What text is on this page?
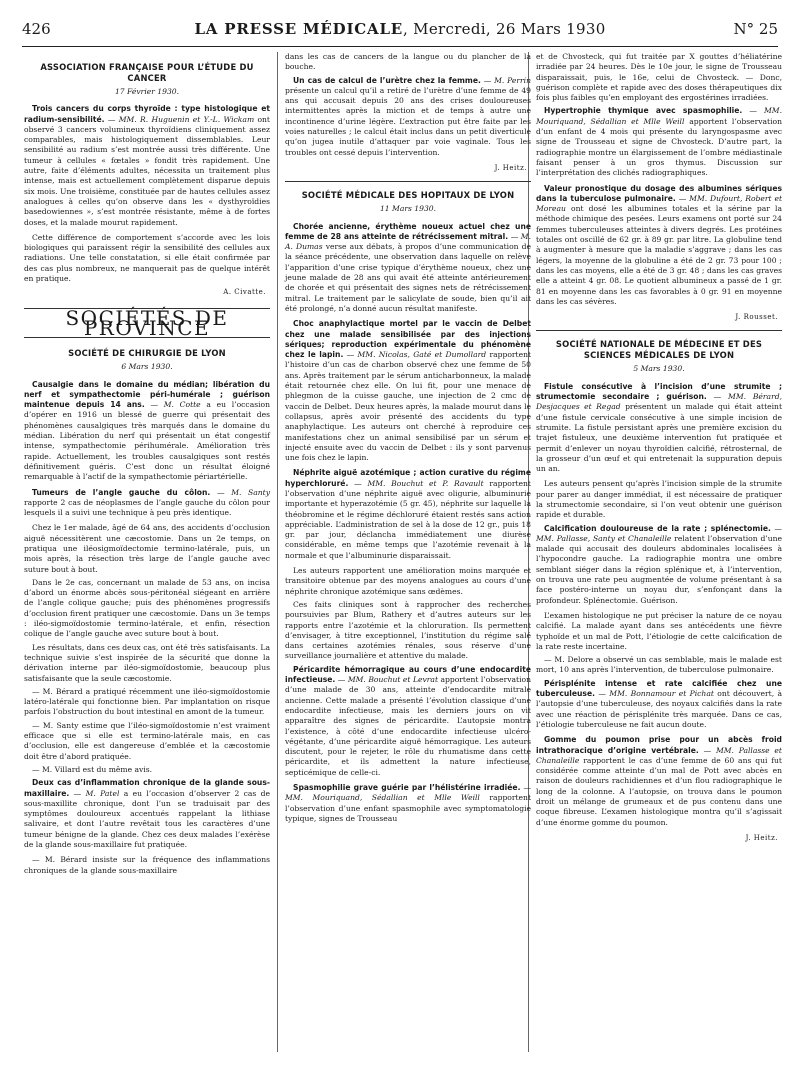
426	LA PRESSE MÉDICALE, Mercredi, 26 Mars 1930	N° 25
ASSOCIATION FRANÇAISE POUR L’ÉTUDE DU CANCER
17 Février 1930.

Trois cancers du corps thyroïde : type histologique et radium-sensibilité. — MM. R. Huguenin et Y.-L. Wickam ont observé 3 cancers volumineux thyroïdiens cliniquement assez comparables, mais histologiquement dissemblables. Leur sensibilité au radium s’est montrée aussi très différente. Une tumeur à cellules « fœtales » fondit très rapidement. Une autre, faite d’éléments adultes, nécessita un traitement plus intense, mais est actuellement complètement disparue depuis six mois. Une troisième, constituée par de hautes cellules assez analogues à celles qu’on observe dans les « dysthyroïdies basedowiennes », s’est montrée résistante, même à de fortes doses, et la malade mourut rapidement.

Cette différence de comportement s’accorde avec les lois biologiques qui paraissent régir la sensibilité des cellules aux radiations. Une telle constatation, si elle était confirmée par des cas plus nombreux, ne manquerait pas de quelque intérêt en pratique.

A. Civatte.
SOCIÉTÉS DE PROVINCE
SOCIÉTÉ DE CHIRURGIE DE LYON
6 Mars 1930.

Causalgie dans le domaine du médian; libération du nerf et sympathectomie péri-humérale ; guérison maintenue depuis 14 ans. — M. Cotte a eu l’occasion d’opérer en 1916 un blessé de guerre qui présentait des phénomènes causalgiques très marqués dans le domaine du médian. Libération du nerf qui présentait un état congestif intense, sympathectomie périhumérale. Amélioration très rapide. Actuellement, les troubles causalgiques sont restés définitivement guéris. C’est donc un résultat éloigné remarquable à l’actif de la sympathectomie périartérielle.

Tumeurs de l’angle gauche du côlon. — M. Santy rapporte 2 cas de néoplasmes de l’angle gauche du côlon pour lesquels il a suivi une technique à peu près identique.

Chez le 1er malade, âgé de 64 ans, des accidents d’occlusion aiguë nécessitèrent une cæcostomie. Dans un 2e temps, on pratiqua une iléosigmoïdectomie termino-latérale, puis, un mois après, la résection très large de l’angle gauche avec suture bout à bout.

Dans le 2e cas, concernant un malade de 53 ans, on incisa d’abord un énorme abcès sous-péritonéal siégeant en arrière de l’angle colique gauche; puis des phénomènes progressifs d’occlusion firent pratiquer une cæcostomie. Dans un 3e temps : iléo-sigmoïdostomie termino-latérale, et enfin, résection colique de l’angle gauche avec suture bout à bout.

Les résultats, dans ces deux cas, ont été très satisfaisants. La technique suivie s’est inspirée de la sécurité que donne la dérivation interne par iléo-sigmoïdostomie, beaucoup plus satisfaisante que la seule cæcostomie.

— M. Bérard a pratiqué récemment une iléo-sigmoïdostomie latéro-latérale qui fonctionne bien. Par implantation on risque parfois l’obstruction du bout intestinal en amont de la tumeur.

— M. Santy estime que l’iléo-sigmoïdostomie n’est vraiment efficace que si elle est termino-latérale mais, en cas d’occlusion, elle est dangereuse d’emblée et la cæcostomie doit être d’abord pratiquée.

— M. Villard est du même avis.

Deux cas d’inflammation chronique de la glande sous-maxillaire. — M. Patel a eu l’occasion d’observer 2 cas de sous-maxillite chronique, dont l’un se traduisait par des symptômes douloureux accentués rappelant la lithiase salivaire, et dont l’autre revêtait tous les caractères d’une tumeur bénigne de la glande. Chez ces deux malades l’exérèse de la glande sous-maxillaire fut pratiquée.

— M. Bérard insiste sur la fréquence des inflammations chroniques de la glande sous-maxillaire

dans les cas de cancers de la langue ou du plancher de la bouche.

Un cas de calcul de l’urètre chez la femme. — M. Perrin présente un calcul qu’il a retiré de l’urètre d’une femme de 49 ans qui accusait depuis 20 ans des crises douloureuses intermittentes après la miction et de temps à autre une incontinence d’urine légère. L’extraction put être faite par les voies naturelles ; le calcul était inclus dans un petit diverticule qu’on jugea inutile d’attaquer par voie vaginale. Tous les troubles ont cessé depuis l’intervention.

J. Heitz.
SOCIÉTÉ MÉDICALE DES HOPITAUX DE LYON
11 Mars 1930.

Chorée ancienne, érythème noueux actuel chez une femme de 28 ans atteinte de rétrécissement mitral. — M. A. Dumas verse aux débats, à propos d’une communication de la séance précédente, une observation dans laquelle on relève l’apparition d’une crise typique d’érythème noueux, chez une jeune malade de 28 ans qui avait été atteinte antérieurement de chorée et qui présentait des signes nets de rétrécissement mitral. Le traitement par le salicylate de soude, bien qu’il ait été prolongé, n’a donné aucun résultat manifeste.

Choc anaphylactique mortel par le vaccin de Delbet chez une malade sensibilisée par des injections sériques; reproduction expérimentale du phénomène chez le lapin. — MM. Nicolas, Gaté et Dumollard rapportent l’histoire d’un cas de charbon observé chez une femme de 50 ans. Après traitement par le sérum anticharbonneux, la malade était retournée chez elle. On lui fit, pour une menace de phlegmon de la cuisse gauche, une injection de 2 cmc de vaccin de Delbet. Deux heures après, la malade mourut dans le collapsus, après avoir présenté des accidents du type anaphylactique. Les auteurs ont cherché à reproduire ces manifestations chez un animal sensibilisé par un sérum et injecté ensuite avec du vaccin de Delbet : ils y sont parvenus une fois chez le lapin.

Néphrite aiguë azotémique ; action curative du régime hyperchloruré. — MM. Bouchut et P. Ravault rapportent l’observation d’une néphrite aiguë avec oligurie, albuminurie importante et hyperazotémie (5 gr. 45), néphrite sur laquelle la théobromine et le régime déchloruré étaient restés sans action appréciable. L’administration de sel à la dose de 12 gr., puis 18 gr. par jour, déclancha immédiatement une diurèse considérable, en même temps que l’azotémie revenait à la normale et que l’albuminurie disparaissait.

Les auteurs rapportent une amélioration moins marquée et transitoire obtenue par des moyens analogues au cours d’une néphrite chronique azotémique sans œdèmes.

Ces faits cliniques sont à rapprocher des recherches poursuivies par Blum, Rathery et d’autres auteurs sur les rapports entre l’azotémie et la chloruration. Ils permettent d’envisager, à titre exceptionnel, l’institution du régime salé dans certaines azotémies rénales, sous réserve d’une surveillance journalière et attentive du malade.

Péricardite hémorragique au cours d’une endocardite infectieuse. — MM. Bouchut et Levrat apportent l’observation d’une malade de 30 ans, atteinte d’endocardite mitrale ancienne. Cette malade a présenté l’évolution classique d’une endocardite infectieuse, mais les derniers jours on vit apparaître des signes de péricardite. L’autopsie montra l’existence, à côté d’une endocardite infectieuse ulcéro-végétante, d’une péricardite aiguë hémorragique. Les auteurs discutent, pour le rejeter, le rôle du rhumatisme dans cette péricardite, et ils admettent la nature infectieuse, septicémique de celle-ci.

Spasmophilie grave guérie par l’hélistérine irradiée. — MM. Mouriquand, Sédallian et Mlle Weill rapportent l’observation d’une enfant spasmophile avec symptomatologie typique, signes de Trousseau

et de Chvosteck, qui fut traitée par X gouttes d’héliatérine irradiée par 24 heures. Dès le 10e jour, le signe de Trousseau disparaissait, puis, le 16e, celui de Chvosteck. — Donc, guérison complète et rapide avec des doses thérapeutiques dix fois plus faibles qu’en employant des ergostérines irradiées.

Hypertrophie thymique avec spasmophilie. — MM. Mouriquand, Sédallian et Mlle Weill apportent l’observation d’un enfant de 4 mois qui présente du laryngospasme avec signe de Trousseau et signe de Chvosteck. D’autre part, la radiographie montre un élargissement de l’ombre médiastinale faisant penser à un gros thymus. Discussion sur l’interprétation des clichés radiographiques.

Valeur pronostique du dosage des albumines sériques dans la tuberculose pulmonaire. — MM. Dufourt, Robert et Moreau ont dosé les albumines totales et la sérine par la méthode chimique des pesées. Leurs examens ont porté sur 24 femmes tuberculeuses atteintes à divers degrés. Les protéines totales ont oscillé de 62 gr. à 89 gr. par litre. La globuline tend à augmenter à mesure que la maladie s’aggrave ; dans les cas légers, la moyenne de la globuline a été de 2 gr. 73 pour 100 ; dans les cas moyens, elle a été de 3 gr. 48 ; dans les cas graves elle a atteint 4 gr. 08. Le quotient albumineux a passé de 1 gr. 81 en moyenne dans les cas favorables à 0 gr. 91 en moyenne dans les cas sévères.

J. Rousset.
SOCIÉTÉ NATIONALE DE MÉDECINE ET DES SCIENCES MÉDICALES DE LYON
5 Mars 1930.

Fistule consécutive à l’incision d’une strumite ; strumectomie secondaire ; guérison. — MM. Bérard, Desjacques et Regad présentent un malade qui était atteint d’une fistule cervicale consécutive à une simple incision de strumite. La fistule persistant après une première excision du trajet fistuleux, une deuxième intervention fut pratiquée et permit d’enlever un noyau thyroïdien calcifié, rétrosternal, de la grosseur d’un œuf et qui entretenait la suppuration depuis un an.

Les auteurs pensent qu’après l’incision simple de la strumite pour parer au danger immédiat, il est nécessaire de pratiquer la strumectomie secondaire, si l’on veut obtenir une guérison rapide et durable.

Calcification douloureuse de la rate ; splénectomie. — MM. Pallasse, Santy et Chanaleille relatent l’observation d’une malade qui accusait des douleurs abdominales localisées à l’hypocondre gauche. La radiographie montra une ombre semblant siéger dans la région splénique et, à l’intervention, on trouva une rate peu augmentée de volume présentant à sa face postéro-interne un noyau dur, s’enfonçant dans la profondeur. Splénectomie. Guérison.

L’examen histologique ne put préciser la nature de ce noyau calcifié. La malade ayant dans ses antécédents une fièvre typhoïde et un mal de Pott, l’étiologie de cette calcification de la rate reste incertaine.

— M. Delore a observé un cas semblable, mais le malade est mort, 10 ans après l’intervention, de tuberculose pulmonaire.

Périsplénite intense et rate calcifiée chez une tuberculeuse. — MM. Bonnamour et Pichat ont découvert, à l’autopsie d’une tuberculeuse, des noyaux calcifiés dans la rate avec une réaction de périsplénite très marquée. Dans ce cas, l’étiologie tuberculeuse ne fait aucun doute.

Gomme du poumon prise pour un abcès froid intrathoracique d’origine vertébrale. — MM. Pallasse et Chanaleille rapportent le cas d’une femme de 60 ans qui fut considérée comme atteinte d’un mal de Pott avec abcès en raison de douleurs rachidiennes et d’un flou radiographique le long de la colonne. A l’autopsie, on trouva dans le poumon droit un mélange de grumeaux et de pus contenu dans une coque fibreuse. L’examen histologique montra qu’il s’agissait d’une énorme gomme du poumon.

J. Heitz.
